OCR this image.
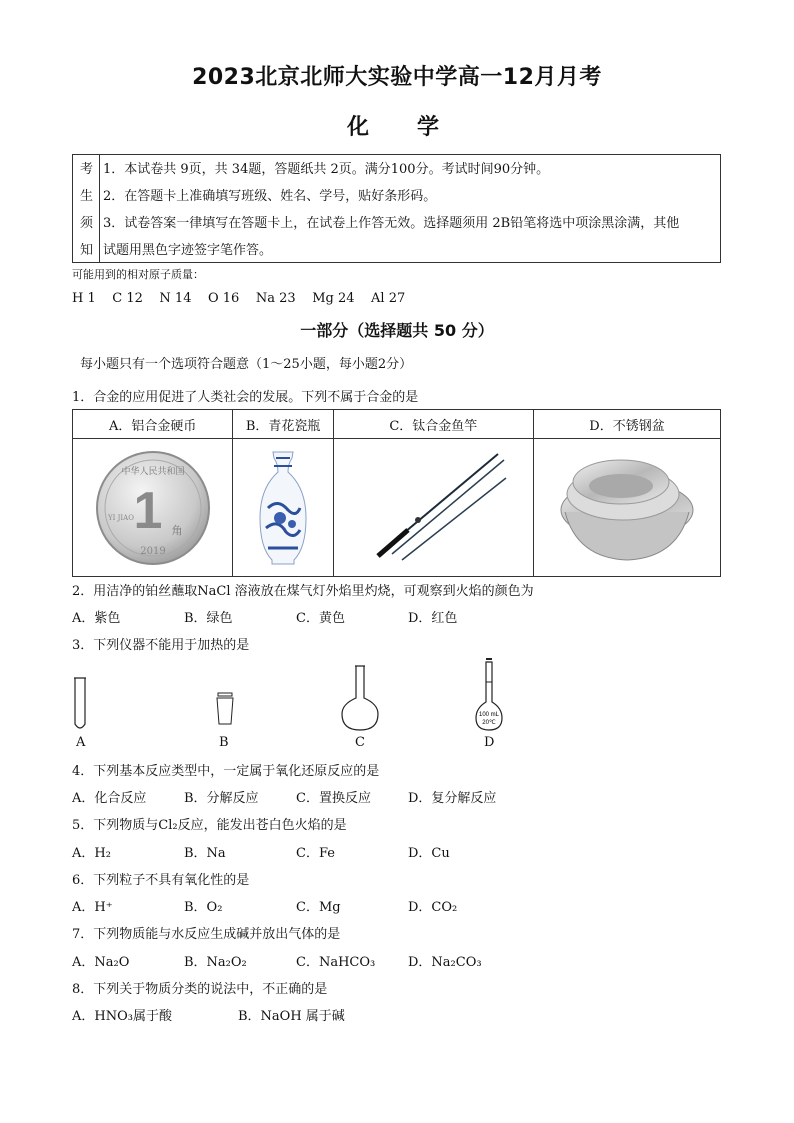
2023北京北师大实验中学高一12月月考
化学
考
生
须
知
1．本试卷共 9页，共 34题，答题纸共 2页。满分100分。考试时间90分钟。
2．在答题卡上准确填写班级、姓名、学号，贴好条形码。
3．试卷答案一律填写在答题卡上，在试卷上作答无效。选择题须用 2B铅笔将选中项涂黑涂满，其他
试题用黑色字迹签字笔作答。
可能用到的相对原子质量：
H 1    C 12    N 14    O 16    Na 23    Mg 24    Al 27
一部分（选择题共 50 分）
每小题只有一个选项符合题意（1～25小题，每小题2分）
1．合金的应用促进了人类社会的发展。下列不属于合金的是
A．铝合金硬币	B．青花瓷瓶	C．钛合金鱼竿	D．不锈钢盆

中华人民共和国
1 角
YI JIAO
2019

2．用洁净的铂丝蘸取NaCl 溶液放在煤气灯外焰里灼烧，可观察到火焰的颜色为
A．紫色	B．绿色	C．黄色	D．红色
3．下列仪器不能用于加热的是
100 mL
20℃
A	B	C	D
4．下列基本反应类型中，一定属于氧化还原反应的是
A．化合反应	B．分解反应	C．置换反应	D．复分解反应
5．下列物质与Cl₂反应，能发出苍白色火焰的是
A．H₂	B．Na	C．Fe	D．Cu
6．下列粒子不具有氧化性的是
A．H⁺	B．O₂	C．Mg	D．CO₂
7．下列物质能与水反应生成碱并放出气体的是
A．Na₂O	B．Na₂O₂	C．NaHCO₃	D．Na₂CO₃
8．下列关于物质分类的说法中，不正确的是
A．HNO₃属于酸	B．NaOH 属于碱
